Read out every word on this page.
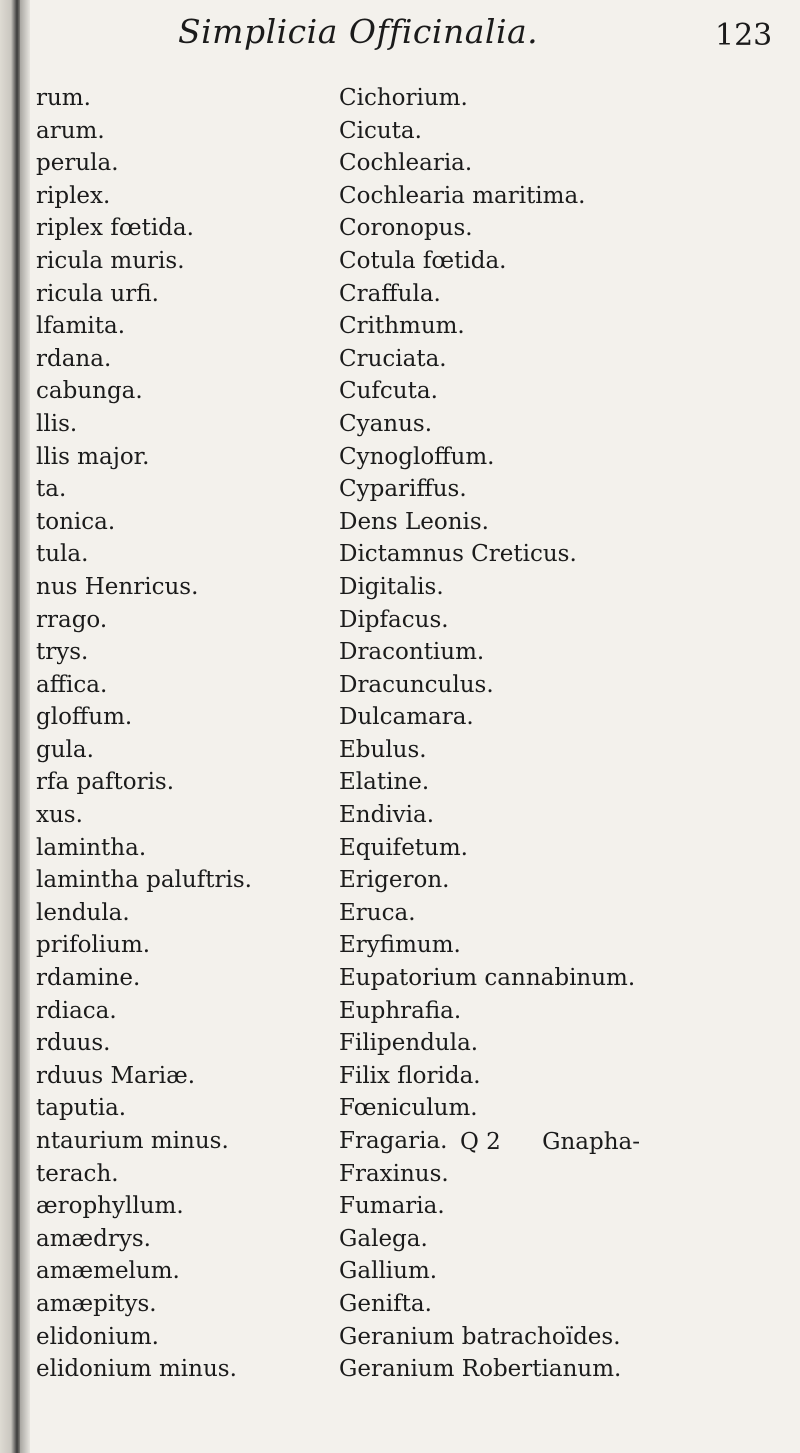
Simplicia Officinalia.	123
rum.
arum.
perula.
riplex.
riplex fœtida.
ricula muris.
ricula urfi.
lfamita.
rdana.
cabunga.
llis.
llis major.
ta.
tonica.
tula.
nus Henricus.
rrago.
trys.
affica.
gloffum.
gula.
rfa paftoris.
xus.
lamintha.
lamintha paluftris.
lendula.
prifolium.
rdamine.
rdiaca.
rduus.
rduus Mariæ.
taputia.
ntaurium minus.
terach.
ærophyllum.
amædrys.
amæmelum.
amæpitys.
elidonium.
elidonium minus.
Cichorium.
Cicuta.
Cochlearia.
Cochlearia maritima.
Coronopus.
Cotula fœtida.
Craffula.
Crithmum.
Cruciata.
Cufcuta.
Cyanus.
Cynogloffum.
Cypariffus.
Dens Leonis.
Dictamnus Creticus.
Digitalis.
Dipfacus.
Dracontium.
Dracunculus.
Dulcamara.
Ebulus.
Elatine.
Endivia.
Equifetum.
Erigeron.
Eruca.
Eryfimum.
Eupatorium cannabinum.
Euphrafia.
Filipendula.
Filix florida.
Fœniculum.
Fragaria.
Fraxinus.
Fumaria.
Galega.
Gallium.
Genifta.
Geranium batrachoïdes.
Geranium Robertianum.
Q 2 Gnapha-
